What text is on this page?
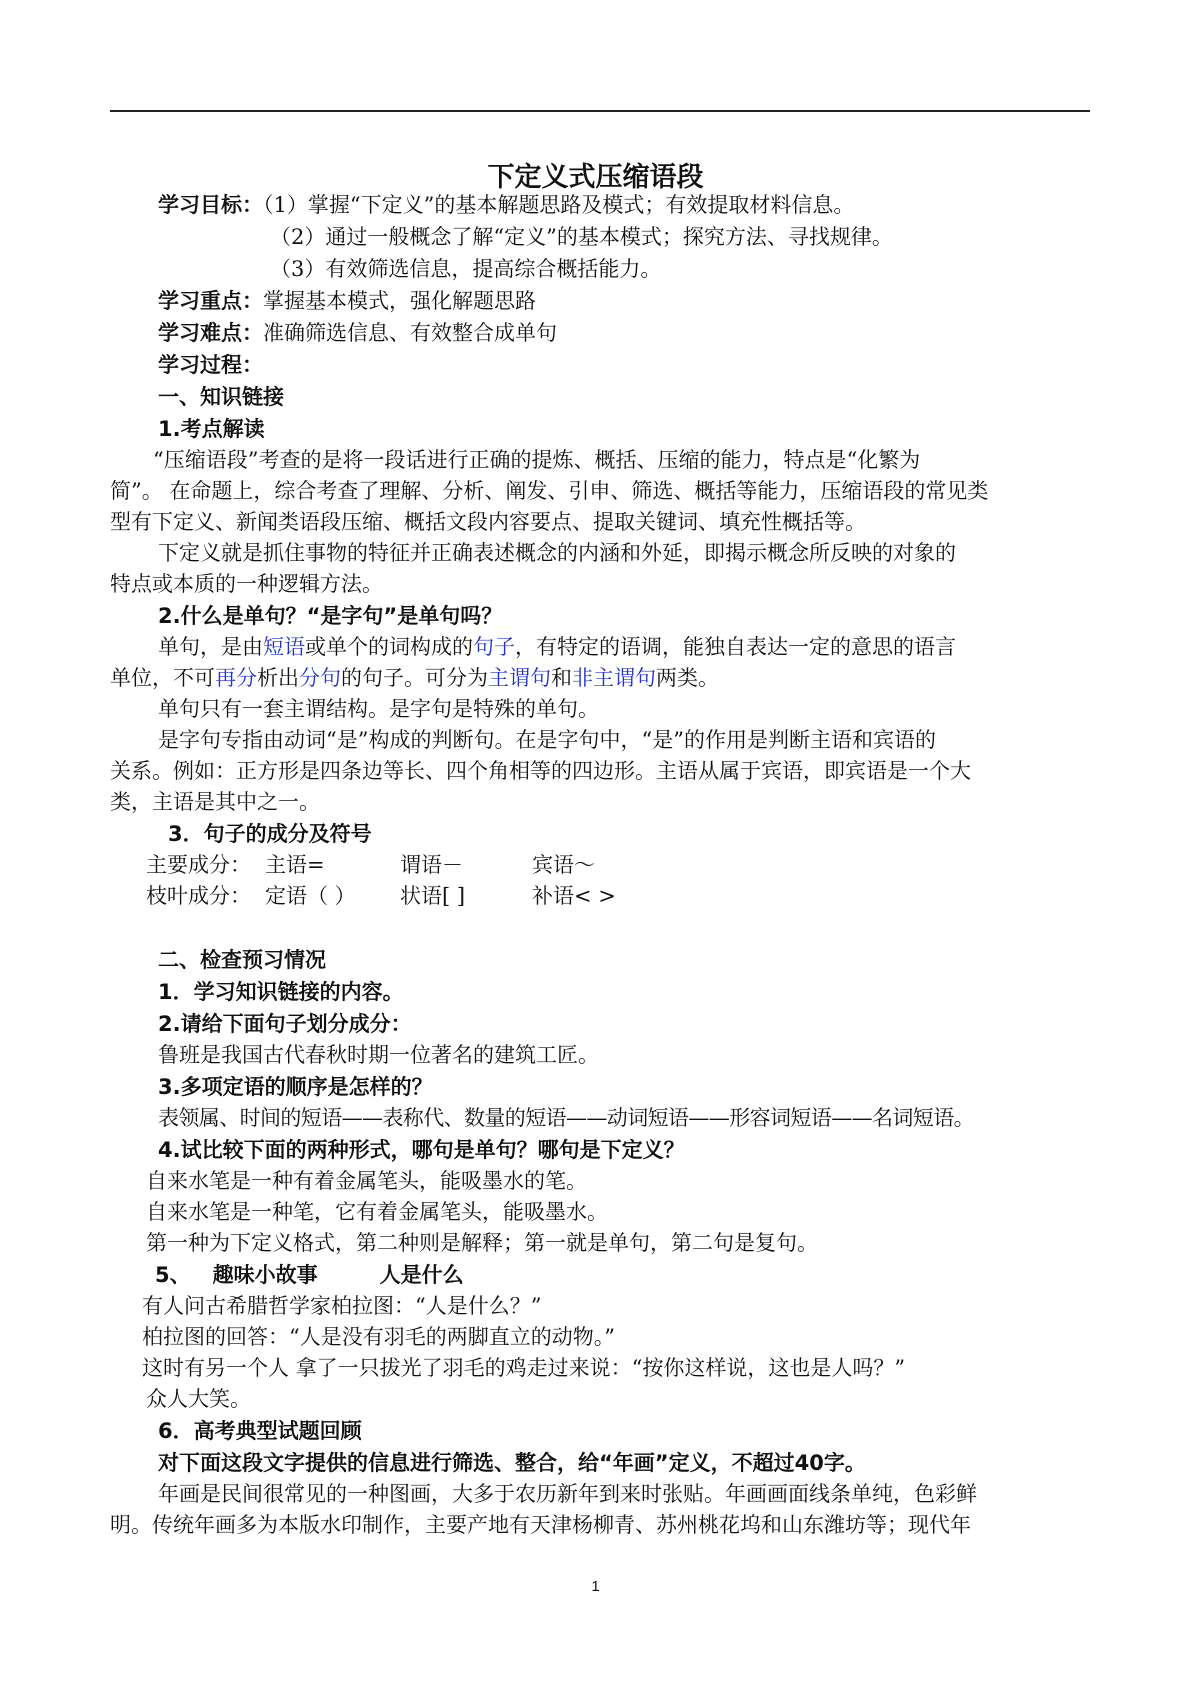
下定义式压缩语段
学习目标：（1）掌握“下定义”的基本解题思路及模式；有效提取材料信息。
（2）通过一般概念了解“定义”的基本模式；探究方法、寻找规律。
（3）有效筛选信息，提高综合概括能力。
学习重点：掌握基本模式，强化解题思路
学习难点：准确筛选信息、有效整合成单句
学习过程：
一、知识链接
1.考点解读
“压缩语段”考查的是将一段话进行正确的提炼、概括、压缩的能力，特点是“化繁为
简”。 在命题上，综合考查了理解、分析、阐发、引申、筛选、概括等能力，压缩语段的常见类
型有下定义、新闻类语段压缩、概括文段内容要点、提取关键词、填充性概括等。
下定义就是抓住事物的特征并正确表述概念的内涵和外延，即揭示概念所反映的对象的
特点或本质的一种逻辑方法。
2.什么是单句？“是字句”是单句吗？
单句，是由短语或单个的词构成的句子，有特定的语调，能独自表达一定的意思的语言
单位，不可再分析出分句的句子。可分为主谓句和非主谓句两类。
单句只有一套主谓结构。是字句是特殊的单句。
是字句专指由动词“是”构成的判断句。在是字句中，“是”的作用是判断主语和宾语的
关系。例如：正方形是四条边等长、四个角相等的四边形。主语从属于宾语，即宾语是一个大
类，主语是其中之一。
3．句子的成分及符号
主要成分： 主语=	谓语－	宾语～
枝叶成分： 定语（ ） 状语[ ]	补语< >
二、检查预习情况
1．学习知识链接的内容。
2.请给下面句子划分成分：
鲁班是我国古代春秋时期一位著名的建筑工匠。
3.多项定语的顺序是怎样的？
表领属、时间的短语——表称代、数量的短语——动词短语——形容词短语——名词短语。
4.试比较下面的两种形式，哪句是单句？哪句是下定义？
自来水笔是一种有着金属笔头，能吸墨水的笔。
自来水笔是一种笔，它有着金属笔头，能吸墨水。
第一种为下定义格式，第二种则是解释；第一就是单句，第二句是复句。
5、 趣味小故事	人是什么
有人问古希腊哲学家柏拉图：“人是什么？”
柏拉图的回答：“人是没有羽毛的两脚直立的动物。”
这时有另一个人 拿了一只拔光了羽毛的鸡走过来说：“按你这样说，这也是人吗？”
众人大笑。
6．高考典型试题回顾
对下面这段文字提供的信息进行筛选、整合，给“年画”定义，不超过40字。
年画是民间很常见的一种图画，大多于农历新年到来时张贴。年画画面线条单纯，色彩鲜
明。传统年画多为本版水印制作，主要产地有天津杨柳青、苏州桃花坞和山东潍坊等；现代年
1
